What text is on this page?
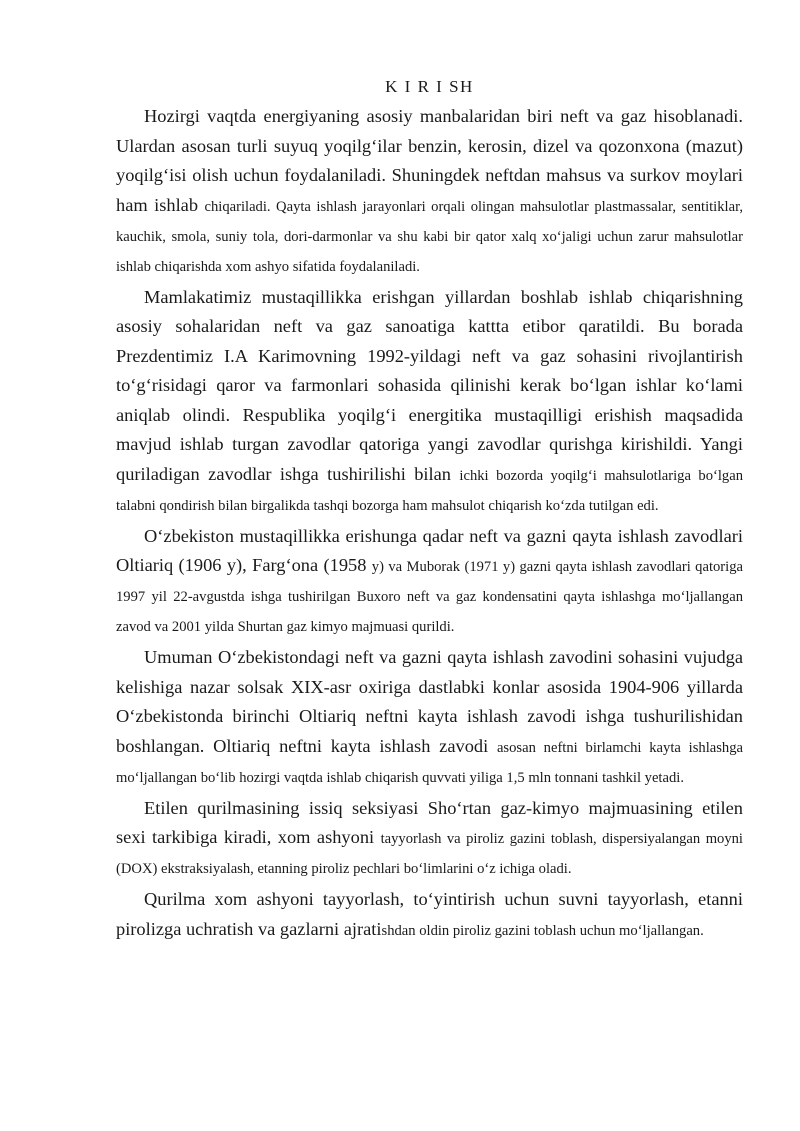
K I R I SH

Hozirgi vaqtda energiyaning asosiy manbalaridan biri neft va gaz hisoblanadi. Ulardan asosan turli suyuq yoqilg‘ilar benzin, kerosin, dizel va qozonxona (mazut) yoqilg‘isi olish uchun foydalaniladi. Shuningdek neftdan mahsus va surkov moylari ham ishlab chiqariladi. Qayta ishlash jarayonlari orqali olingan mahsulotlar plastmassalar, sentitiklar, kauchik, smola, suniy tola, dori-darmonlar va shu kabi bir qator xalq xo‘jaligi uchun zarur mahsulotlar ishlab chiqarishda xom ashyo sifatida foydalaniladi.

Mamlakatimiz mustaqillikka erishgan yillardan boshlab ishlab chiqarishning asosiy sohalaridan neft va gaz sanoatiga kattta etibor qaratildi. Bu borada Prezdentimiz I.A Karimovning 1992-yildagi neft va gaz sohasini rivojlantirish to‘g‘risidagi qaror va farmonlari sohasida qilinishi kerak bo‘lgan ishlar ko‘lami aniqlab olindi. Respublika yoqilg‘i energitika mustaqilligi erishish maqsadida mavjud ishlab turgan zavodlar qatoriga yangi zavodlar qurishga kirishildi. Yangi quriladigan zavodlar ishga tushirilishi bilan ichki bozorda yoqilg‘i mahsulotlariga bo‘lgan talabni qondirish bilan birgalikda tashqi bozorga ham mahsulot chiqarish ko‘zda tutilgan edi.

O‘zbekiston mustaqillikka erishunga qadar neft va gazni qayta ishlash zavodlari Oltiariq (1906 y), Farg‘ona (1958 y) va Muborak (1971 y) gazni qayta ishlash zavodlari qatoriga 1997 yil 22-avgustda ishga tushirilgan Buxoro neft va gaz kondensatini qayta ishlashga mo‘ljallangan zavod va 2001 yilda Shurtan gaz kimyo majmuasi qurildi.

Umuman O‘zbekistondagi neft va gazni qayta ishlash zavodini sohasini vujudga kelishiga nazar solsak XIX-asr oxiriga dastlabki konlar asosida 1904-906 yillarda O‘zbekistonda birinchi Oltiariq neftni kayta ishlash zavodi ishga tushurilishidan boshlangan. Oltiariq neftni kayta ishlash zavodi asosan neftni birlamchi kayta ishlashga mo‘ljallangan bo‘lib hozirgi vaqtda ishlab chiqarish quvvati yiliga 1,5 mln tonnani tashkil yetadi.

Etilen qurilmasining issiq seksiyasi Sho‘rtan gaz-kimyo majmuasining etilen sexi tarkibiga kiradi, xom ashyoni tayyorlash va piroliz gazini toblash, dispersiyalangan moyni (DOX) ekstraksiyalash, etanning piroliz pechlari bo‘limlarini o‘z ichiga oladi.

Qurilma xom ashyoni tayyorlash, to‘yintirish uchun suvni tayyorlash, etanni pirolizga uchratish va gazlarni ajratishdan oldin piroliz gazini toblash uchun mo‘ljallangan.
